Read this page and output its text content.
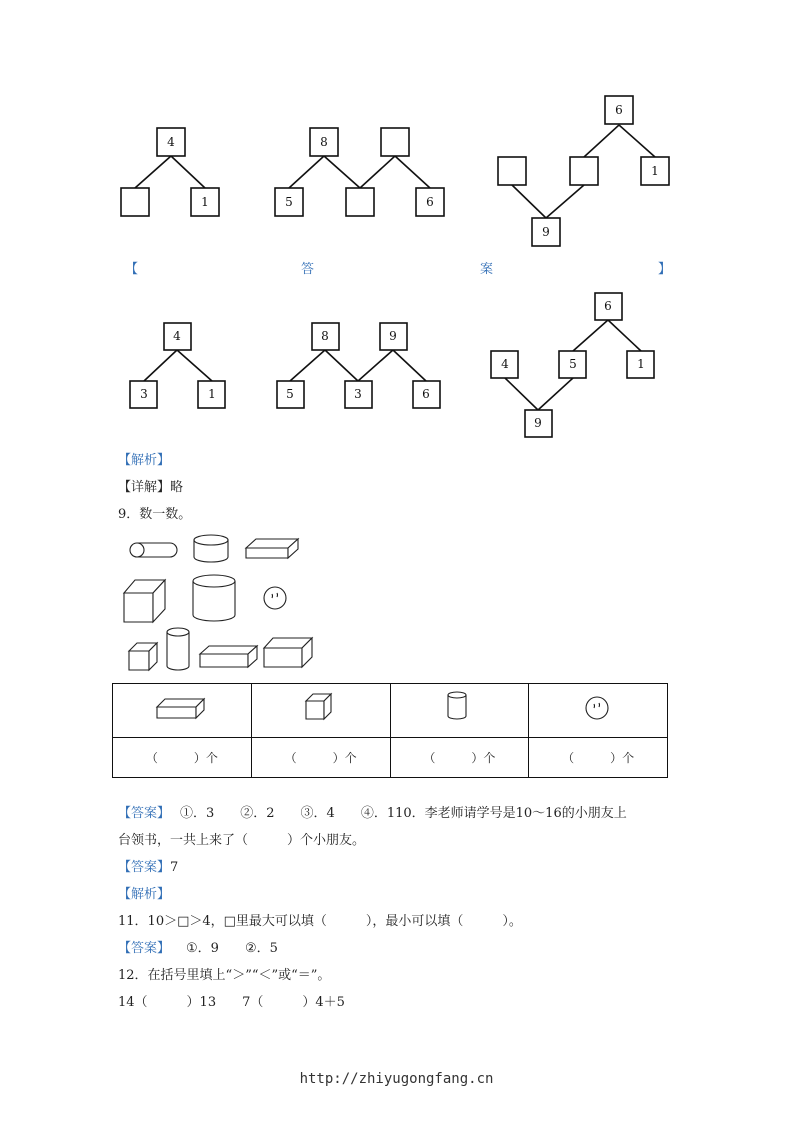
4
1
8
5	6
6
1
9
4
3	1
8	9
5	3	6
6
4	5	1
9
【	答	案	】
【解析】
【详解】略
9．数一数。

（　　　）个	（　　　）个	（　　　）个	（　　　）个
【答案】 ①．3　　②．2　　③．4　　④．110．李老师请学号是10～16的小朋友上
台领书，一共上来了（　　　）个小朋友。
【答案】7
【解析】
11．10＞□＞4，□里最大可以填（　　　），最小可以填（　　　）。
【答案】 ①．9　　②．5
12．在括号里填上“＞”“＜”或“＝”。
14（　　　）13　　7（　　　）4＋5
http://zhiyugongfang.cn
